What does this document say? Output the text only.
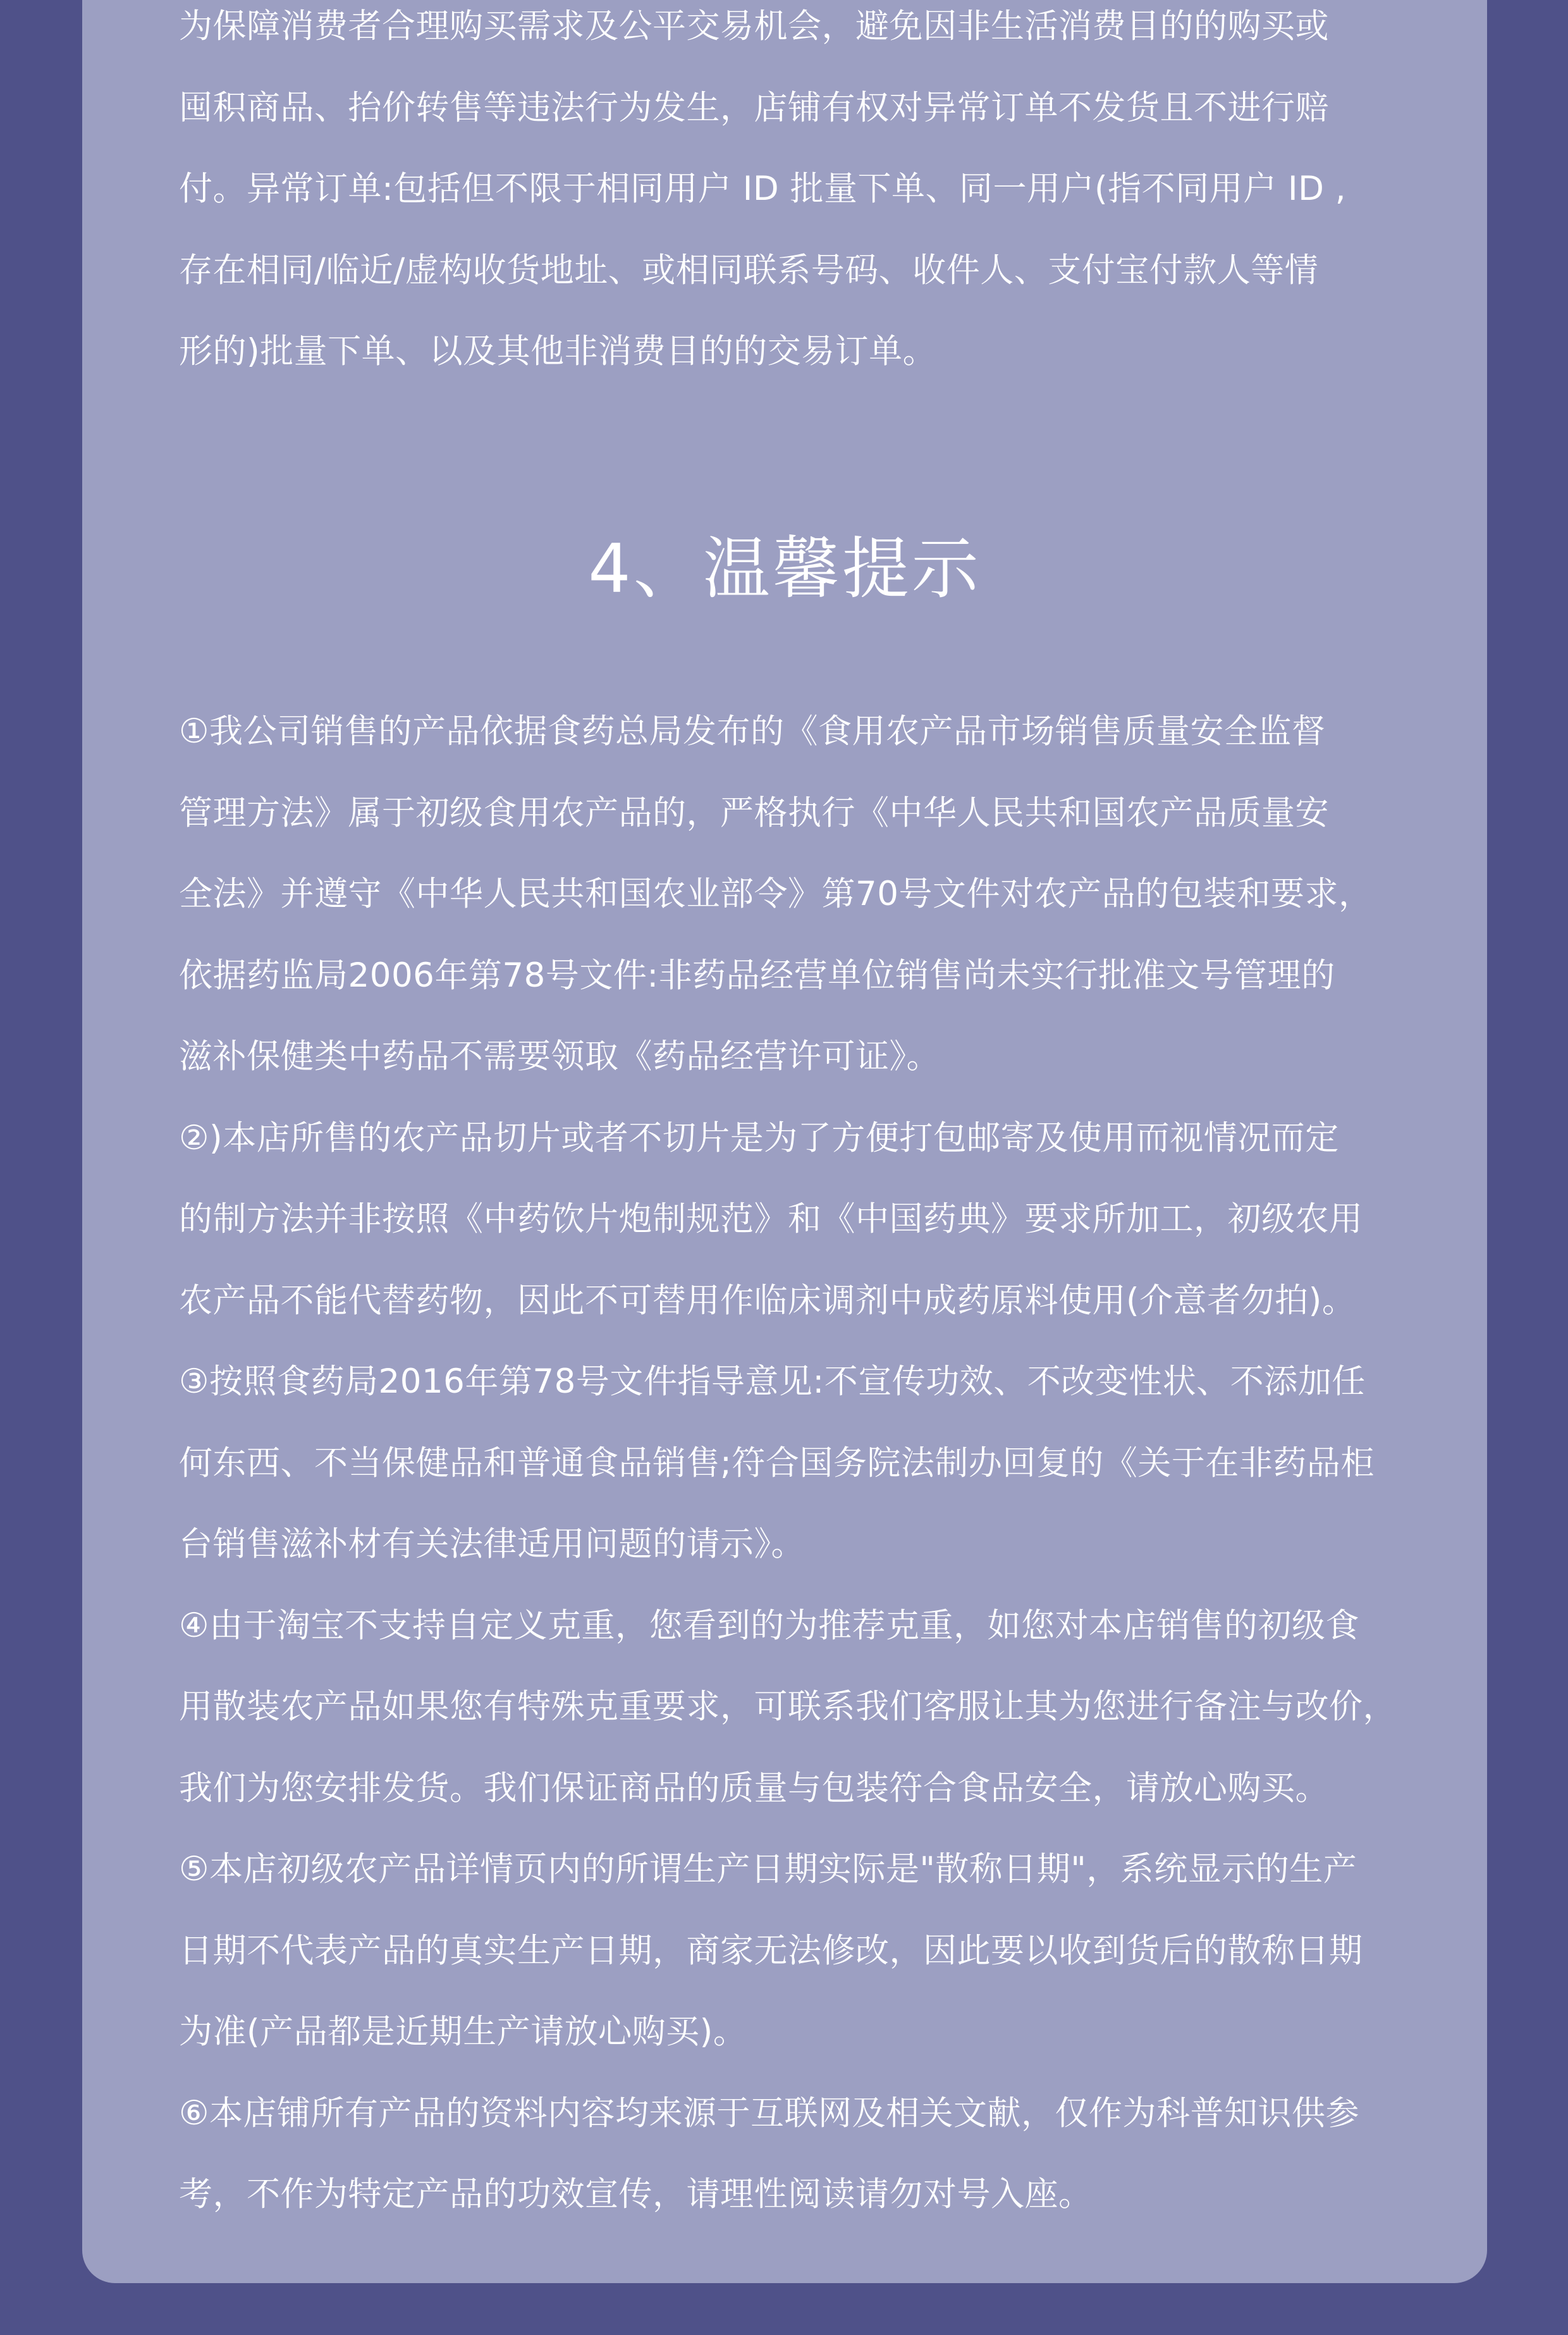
为保障消费者合理购买需求及公平交易机会，避免因非生活消费目的的购买或
囤积商品、抬价转售等违法行为发生，店铺有权对异常订单不发货且不进行赔
付。异常订单:包括但不限于相同用户 ID 批量下单、同一用户(指不同用户 ID ,
存在相同/临近/虚构收货地址、或相同联系号码、收件人、支付宝付款人等情
形的)批量下单、以及其他非消费目的的交易订单。
4、温馨提示
①我公司销售的产品依据食药总局发布的《食用农产品市场销售质量安全监督
管理方法》属于初级食用农产品的，严格执行《中华人民共和国农产品质量安
全法》并遵守《中华人民共和国农业部令》第70号文件对农产品的包装和要求，
依据药监局2006年第78号文件:非药品经营单位销售尚未实行批准文号管理的
滋补保健类中药品不需要领取《药品经营许可证》。
②)本店所售的农产品切片或者不切片是为了方便打包邮寄及使用而视情况而定
的制方法并非按照《中药饮片炮制规范》和《中国药典》要求所加工，初级农用
农产品不能代替药物，因此不可替用作临床调剂中成药原料使用(介意者勿拍)。
③按照食药局2016年第78号文件指导意见:不宣传功效、不改变性状、不添加任
何东西、不当保健品和普通食品销售;符合国务院法制办回复的《关于在非药品柜
台销售滋补材有关法律适用问题的请示》。
④由于淘宝不支持自定义克重，您看到的为推荐克重，如您对本店销售的初级食
用散装农产品如果您有特殊克重要求，可联系我们客服让其为您进行备注与改价，
我们为您安排发货。我们保证商品的质量与包装符合食品安全，请放心购买。
⑤本店初级农产品详情页内的所谓生产日期实际是"散称日期"，系统显示的生产
日期不代表产品的真实生产日期，商家无法修改，因此要以收到货后的散称日期
为准(产品都是近期生产请放心购买)。
⑥本店铺所有产品的资料内容均来源于互联网及相关文献，仅作为科普知识供参
考，不作为特定产品的功效宣传，请理性阅读请勿对号入座。
